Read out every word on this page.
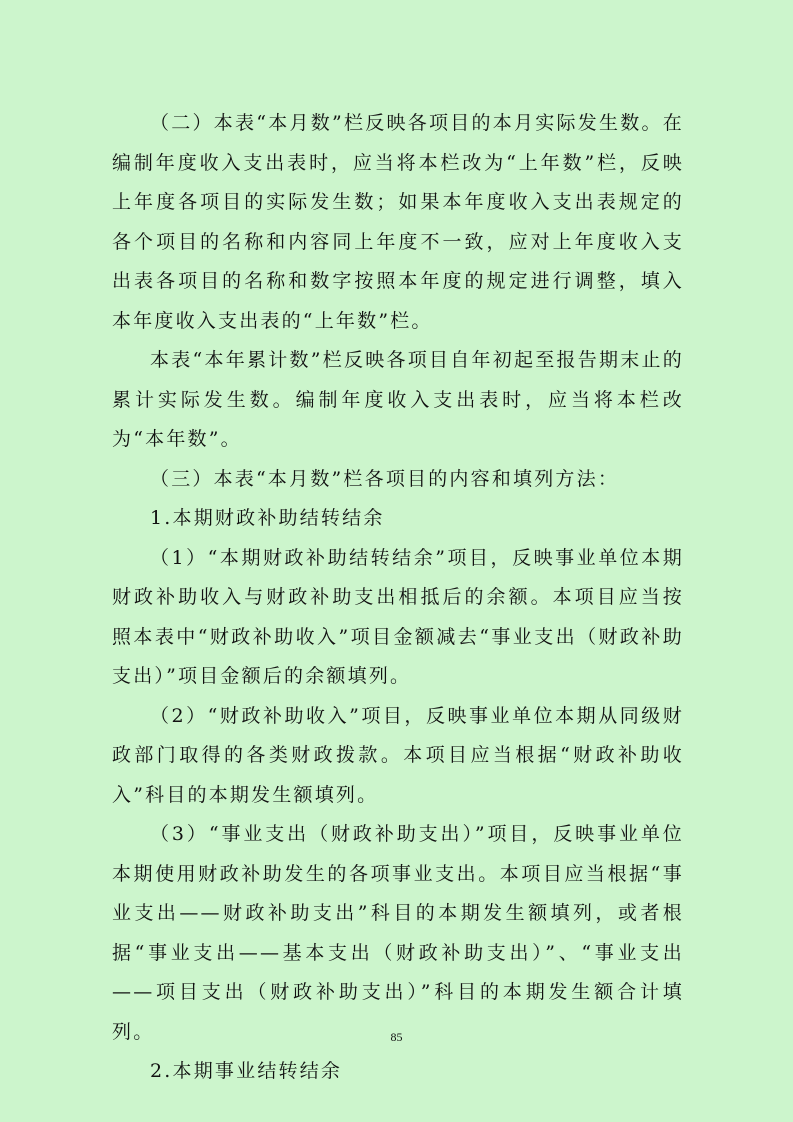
（二）本表“本月数”栏反映各项目的本月实际发生数。在编制年度收入支出表时，应当将本栏改为“上年数”栏，反映上年度各项目的实际发生数；如果本年度收入支出表规定的各个项目的名称和内容同上年度不一致，应对上年度收入支出表各项目的名称和数字按照本年度的规定进行调整，填入本年度收入支出表的“上年数”栏。

本表“本年累计数”栏反映各项目自年初起至报告期末止的累计实际发生数。编制年度收入支出表时，应当将本栏改为“本年数”。

（三）本表“本月数”栏各项目的内容和填列方法：

1.本期财政补助结转结余

（1）“本期财政补助结转结余”项目，反映事业单位本期财政补助收入与财政补助支出相抵后的余额。本项目应当按照本表中“财政补助收入”项目金额减去“事业支出（财政补助支出）”项目金额后的余额填列。

（2）“财政补助收入”项目，反映事业单位本期从同级财政部门取得的各类财政拨款。本项目应当根据“财政补助收入”科目的本期发生额填列。

（3）“事业支出（财政补助支出）”项目，反映事业单位本期使用财政补助发生的各项事业支出。本项目应当根据“事业支出——财政补助支出”科目的本期发生额填列，或者根据“事业支出——基本支出（财政补助支出）”、“事业支出——项目支出（财政补助支出）”科目的本期发生额合计填列。

2.本期事业结转结余

85
